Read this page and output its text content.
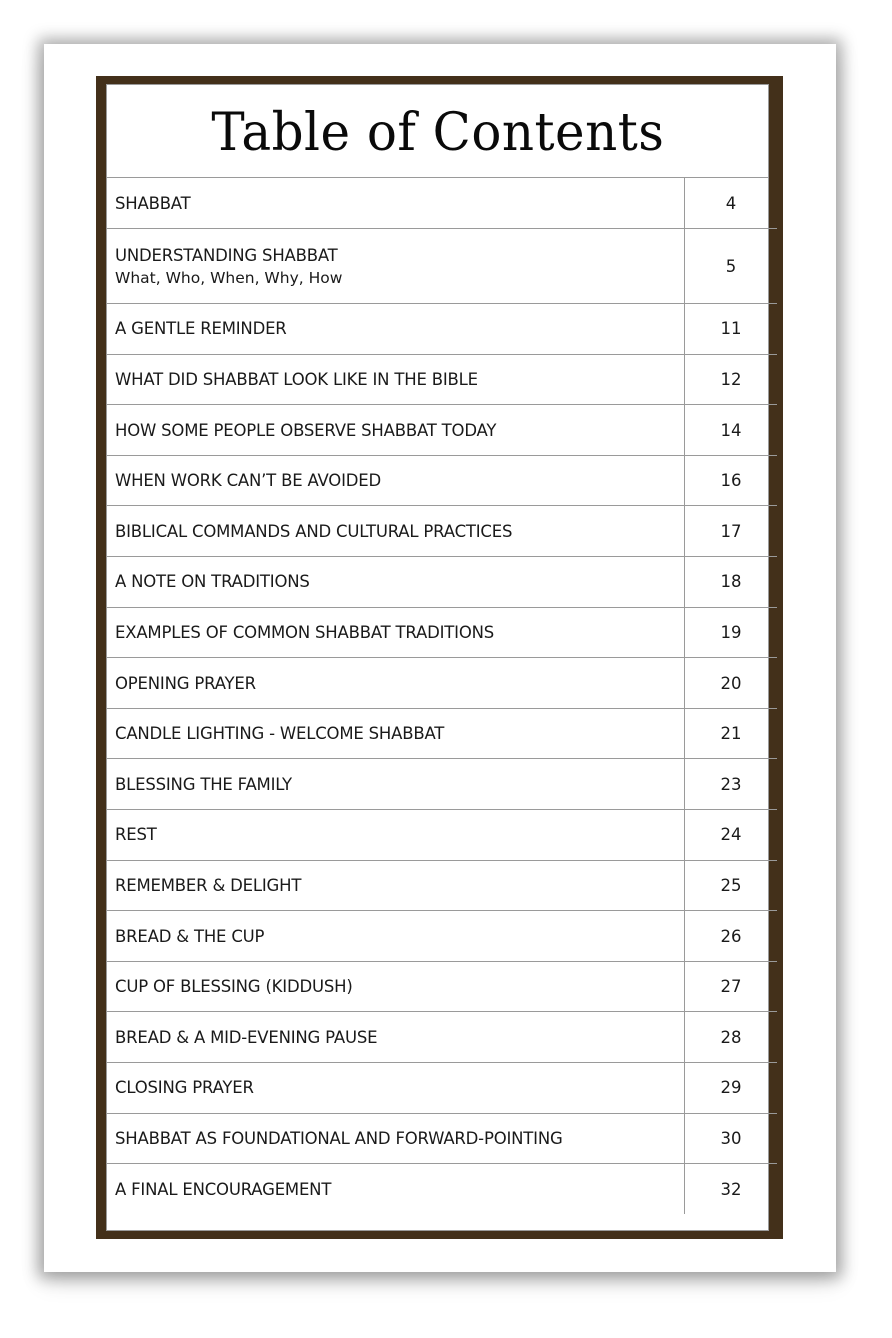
Table of Contents
SHABBAT	4

UNDERSTANDING SHABBAT
What, Who, When, Why, How	5

A GENTLE REMINDER	11

WHAT DID SHABBAT LOOK LIKE IN THE BIBLE	12

HOW SOME PEOPLE OBSERVE SHABBAT TODAY	14

WHEN WORK CAN’T BE AVOIDED	16

BIBLICAL COMMANDS AND CULTURAL PRACTICES	17

A NOTE ON TRADITIONS	18

EXAMPLES OF COMMON SHABBAT TRADITIONS	19

OPENING PRAYER	20

CANDLE LIGHTING - WELCOME SHABBAT	21

BLESSING THE FAMILY	23

REST	24

REMEMBER & DELIGHT	25

BREAD & THE CUP	26

CUP OF BLESSING (KIDDUSH)	27

BREAD & A MID-EVENING PAUSE	28

CLOSING PRAYER	29

SHABBAT AS FOUNDATIONAL AND FORWARD-POINTING	30

A FINAL ENCOURAGEMENT	32
